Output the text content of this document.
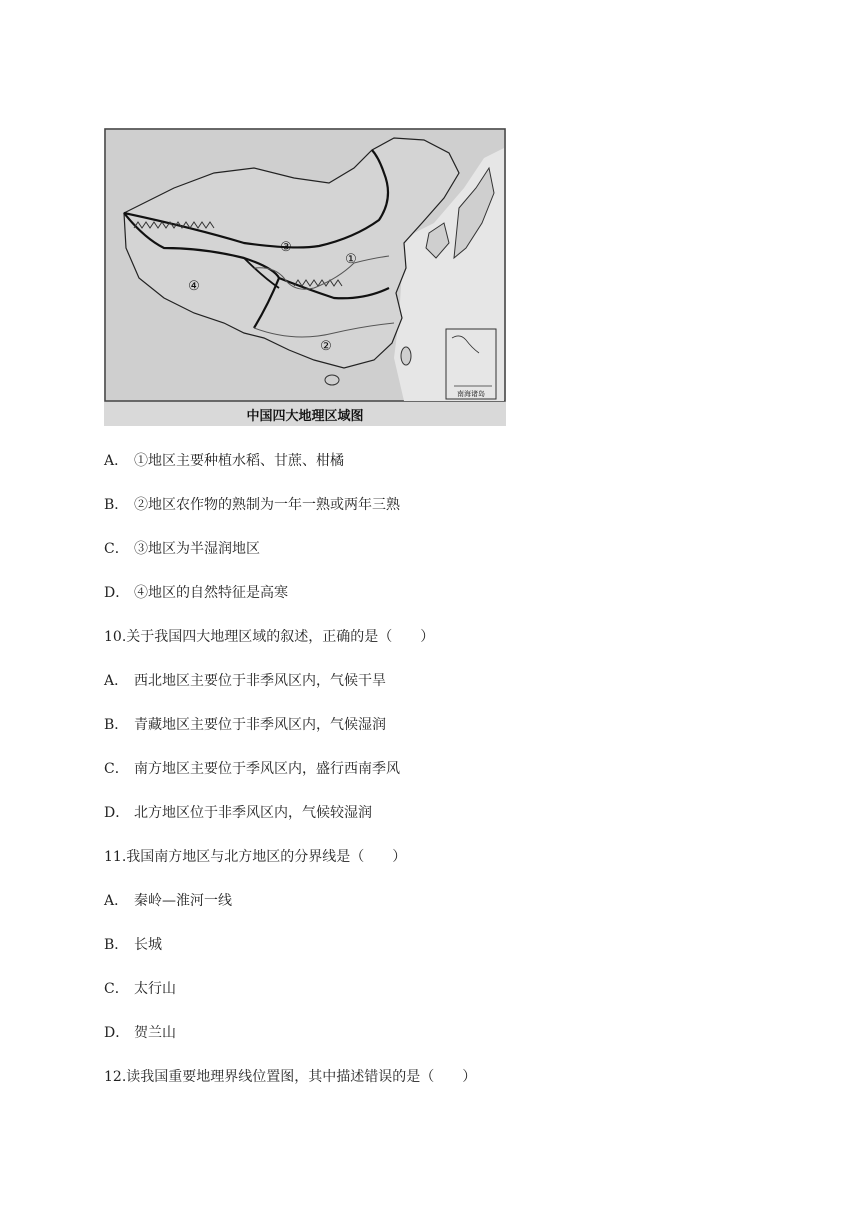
南海诸岛
①
②
③
④
中国四大地理区域图
A． ①地区主要种植水稻、甘蔗、柑橘
B． ②地区农作物的熟制为一年一熟或两年三熟
C． ③地区为半湿润地区
D． ④地区的自然特征是高寒
10.关于我国四大地理区域的叙述，正确的是（　　）
A． 西北地区主要位于非季风区内，气候干旱
B． 青藏地区主要位于非季风区内，气候湿润
C． 南方地区主要位于季风区内，盛行西南季风
D． 北方地区位于非季风区内，气候较湿润
11.我国南方地区与北方地区的分界线是（　　）
A． 秦岭—淮河一线
B． 长城
C． 太行山
D． 贺兰山
12.读我国重要地理界线位置图，其中描述错误的是（　　）
